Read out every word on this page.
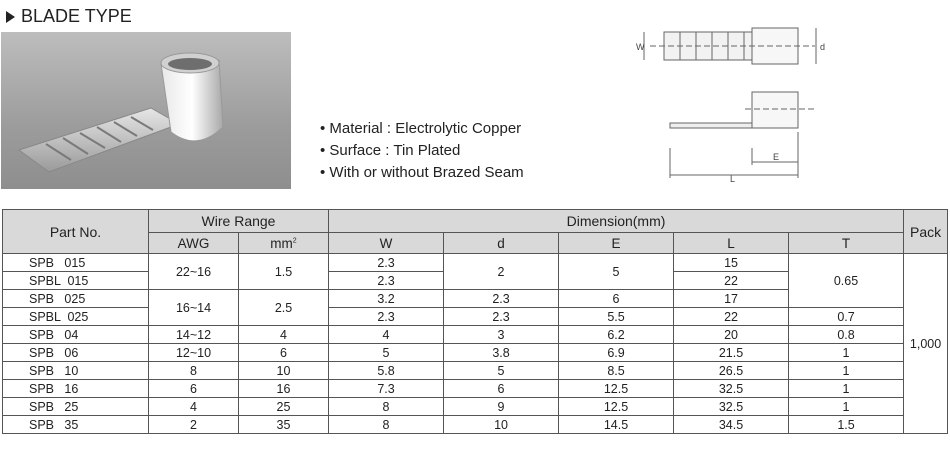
BLADE TYPE
• Material : Electrolytic Copper
• Surface : Tin Plated
• With or without Brazed Seam
W	d
E
L
Part No.	Wire Range		Dimension(mm)					Pack
	AWG	$mm^2$	W	d	E	L	T	
SPB   015	22~16	1.5	2.3	2	5	15	0.65	1,000
SPBL  015			2.3			22		
SPB   025	16~14	2.5	3.2	2.3	6	17		
SPBL  025			2.3	2.3	5.5	22	0.7	
SPB   04	14~12	4	4	3	6.2	20	0.8	
SPB   06	12~10	6	5	3.8	6.9	21.5	1	
SPB   10	8	10	5.8	5	8.5	26.5	1	
SPB   16	6	16	7.3	6	12.5	32.5	1	
SPB   25	4	25	8	9	12.5	32.5	1	
SPB   35	2	35	8	10	14.5	34.5	1.5	
